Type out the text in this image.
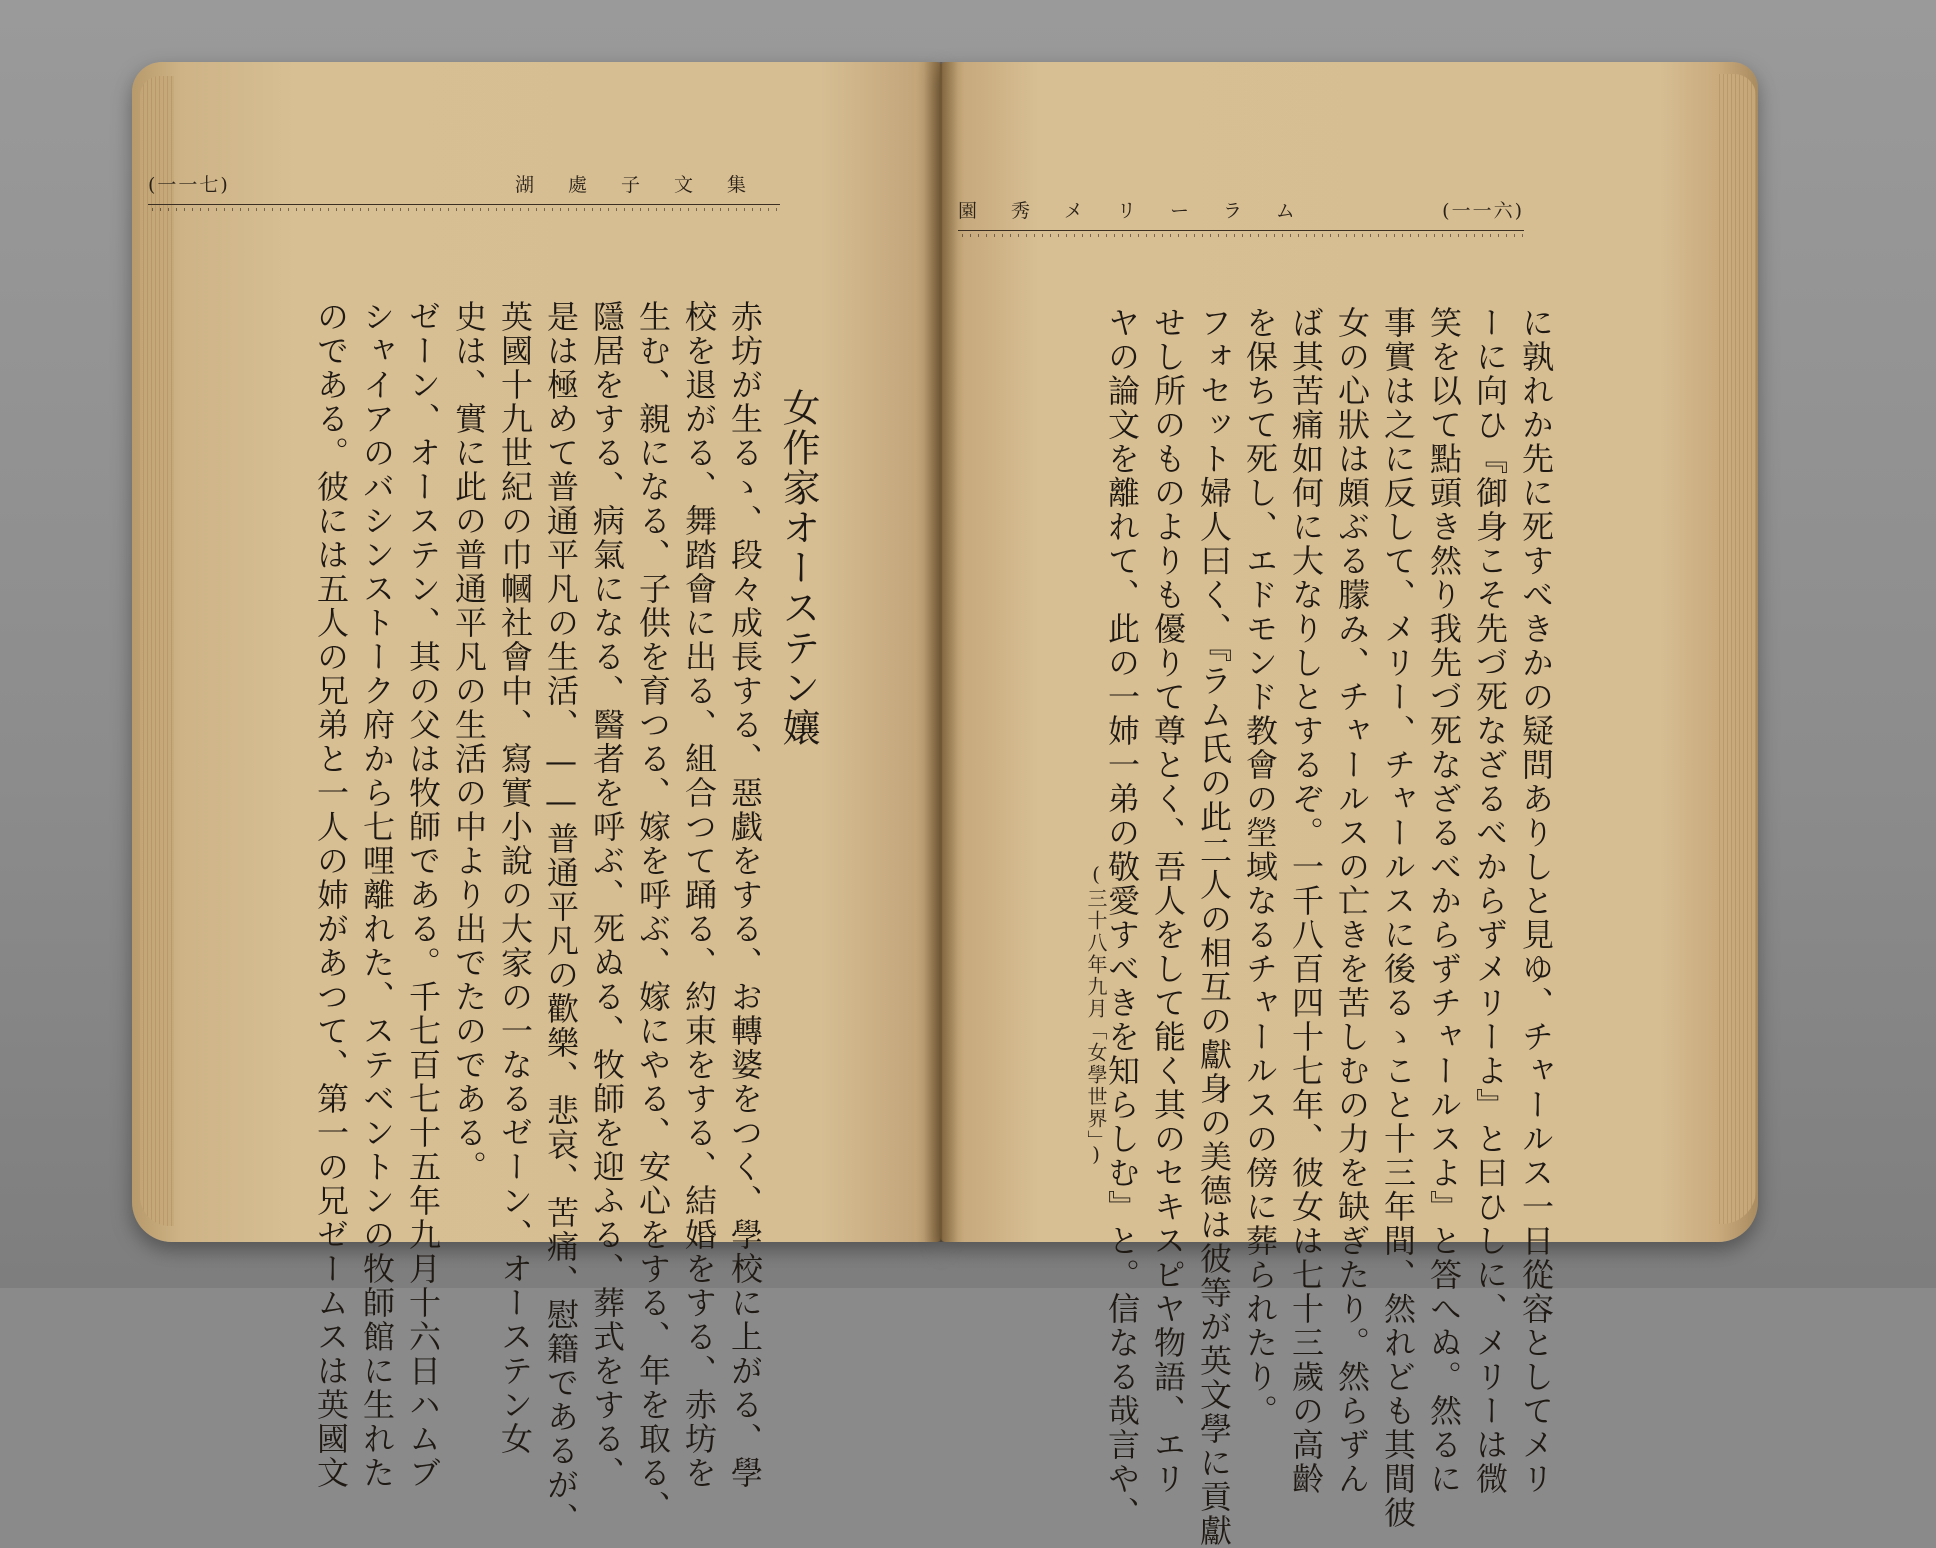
(一一七)	湖處子文集
園秀メリーラム	(一一六)
女作家オーステン孃
赤坊が生るゝ、段々成長する、惡戯をする、お轉婆をつく、學校に上がる、學
校を退がる、舞踏會に出る、組合つて踊る、約束をする、結婚をする、赤坊を
生む、親になる、子供を育つる、嫁を呼ぶ、嫁にやる、安心をする、年を取る、
隱居をする、病氣になる、醫者を呼ぶ、死ぬる、牧師を迎ふる、葬式をする、
是は極めて普通平凡の生活、——普通平凡の歡樂、悲哀、苦痛、慰籍であるが、
英國十九世紀の巾幗社會中、寫實小說の大家の一なるゼーン、オーステン女
史は、實に此の普通平凡の生活の中より出でたのである。
ゼーン、オーステン、其の父は牧師である。千七百七十五年九月十六日ハムブ
シャイアのバシンストーク府から七哩離れた、ステベントンの牧師館に生れた
のである。彼には五人の兄弟と一人の姉があつて、第一の兄ゼームスは英國文	に孰れか先に死すべきかの疑問ありしと見ゆ、チャールス一日從容としてメリ
ーに向ひ『御身こそ先づ死なざるべからずメリーよ』と曰ひしに、メリーは微
笑を以て點頭き然り我先づ死なざるべからずチャールスよ』と答へぬ。然るに
事實は之に反して、メリー、チャールスに後るゝこと十三年間、然れども其間彼
女の心狀は頗ぶる朦み、チャールスの亡きを苦しむの力を缺ぎたり。然らずん
ば其苦痛如何に大なりしとするぞ。一千八百四十七年、彼女は七十三歲の高齡
を保ちて死し、エドモンド教會の塋域なるチャールスの傍に葬られたり。
フォセット婦人曰く、『ラム氏の此二人の相互の獻身の美德は彼等が英文學に貢獻
せし所のものよりも優りて尊とく、吾人をして能く其のセキスピヤ物語、エリ
ヤの論文を離れて、此の一姉一弟の敬愛すべきを知らしむ』と。信なる哉言や、
(三十八年九月「女學世界」)
